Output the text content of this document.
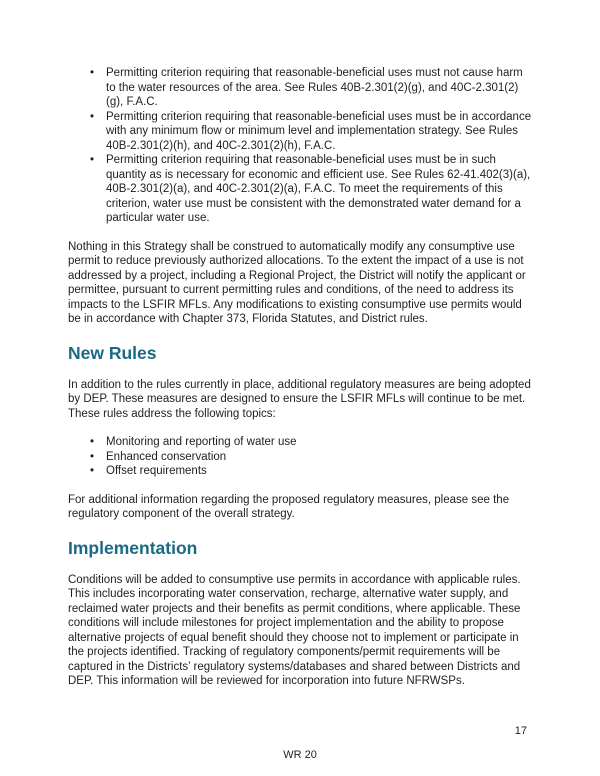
• Permitting criterion requiring that reasonable-beneficial uses must not cause harm to the water resources of the area. See Rules 40B-2.301(2)(g), and 40C-2.301(2)(g), F.A.C.
• Permitting criterion requiring that reasonable-beneficial uses must be in accordance with any minimum flow or minimum level and implementation strategy. See Rules 40B-2.301(2)(h), and 40C-2.301(2)(h), F.A.C.
• Permitting criterion requiring that reasonable-beneficial uses must be in such quantity as is necessary for economic and efficient use. See Rules 62-41.402(3)(a), 40B-2.301(2)(a), and 40C-2.301(2)(a), F.A.C. To meet the requirements of this criterion, water use must be consistent with the demonstrated water demand for a particular water use.

Nothing in this Strategy shall be construed to automatically modify any consumptive use permit to reduce previously authorized allocations. To the extent the impact of a use is not addressed by a project, including a Regional Project, the District will notify the applicant or permittee, pursuant to current permitting rules and conditions, of the need to address its impacts to the LSFIR MFLs. Any modifications to existing consumptive use permits would be in accordance with Chapter 373, Florida Statutes, and District rules.

New Rules

In addition to the rules currently in place, additional regulatory measures are being adopted by DEP. These measures are designed to ensure the LSFIR MFLs will continue to be met. These rules address the following topics:

• Monitoring and reporting of water use
• Enhanced conservation
• Offset requirements

For additional information regarding the proposed regulatory measures, please see the regulatory component of the overall strategy.

Implementation

Conditions will be added to consumptive use permits in accordance with applicable rules. This includes incorporating water conservation, recharge, alternative water supply, and reclaimed water projects and their benefits as permit conditions, where applicable. These conditions will include milestones for project implementation and the ability to propose alternative projects of equal benefit should they choose not to implement or participate in the projects identified. Tracking of regulatory components/permit requirements will be captured in the Districts’ regulatory systems/databases and shared between Districts and DEP. This information will be reviewed for incorporation into future NFRWSPs.

17
WR 20
